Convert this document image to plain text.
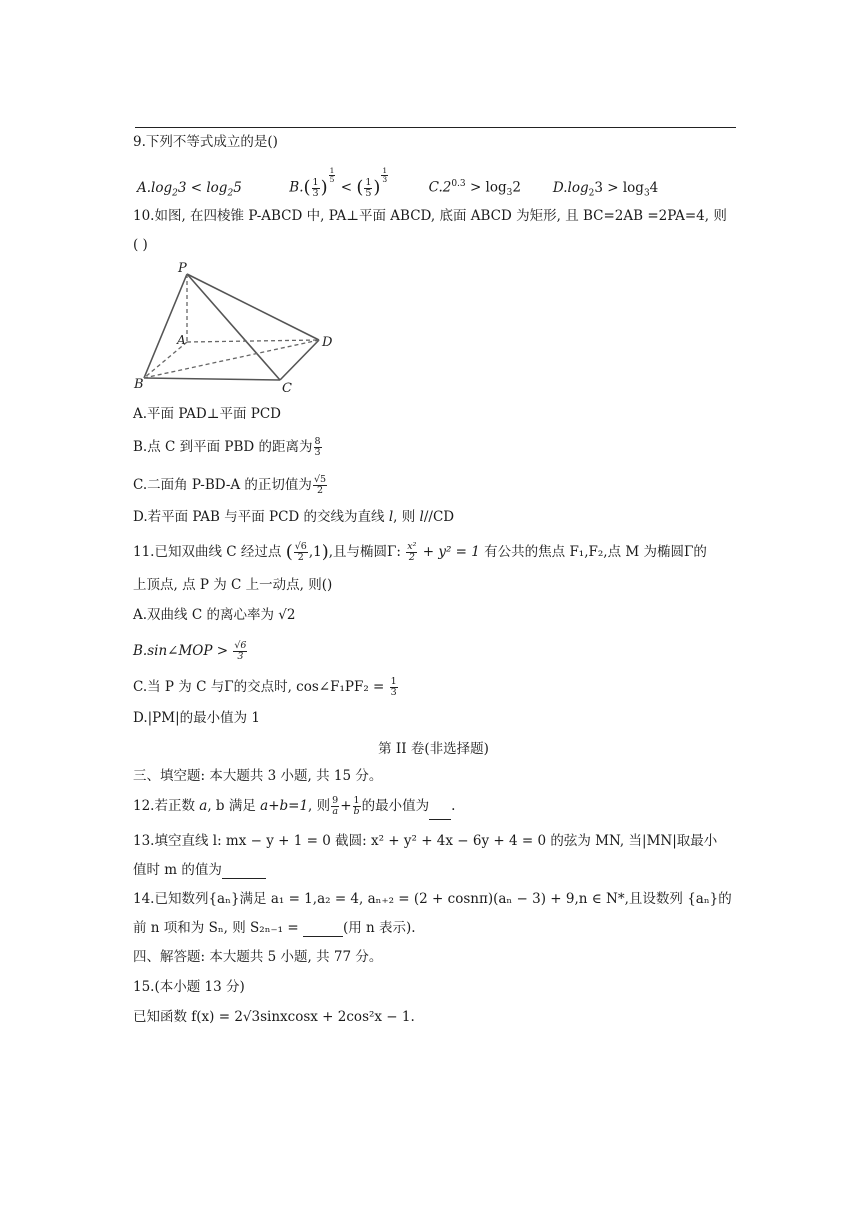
9.下列不等式成立的是()
$A.\log_23 < \log_25$	$B.( \frac{1}{3}$ )
$^{\frac{1}{5}}$
< ( $\frac{1}{5}$ )
$^{\frac{1}{3}}$
$C.2^{0.3} > \log_32$ $D.\log_23 > \log_34$
10.如图, 在四棱锥 P-ABCD 中, PA⊥平面 ABCD, 底面 ABCD 为矩形, 且 BC=2AB =2PA=4, 则
( )
P
A
B	C
D
A.平面 PAD⊥平面 PCD
B.点 C 到平面 PBD 的距离为 $\frac{8}{3}$
C.二面角 P-BD-A 的正切值为 $\frac{√5}{2}$
D.若平面 PAB 与平面 PCD 的交线为直线 l, 则 l//CD
11.已知双曲线 C 经过点 ( $\frac{√6}{2} ,1$),且与椭圆Γ: $\frac{\text{x²}}{2} + y^2 = 1$ 有公共的焦点 F₁,F₂,点 M 为椭圆Γ的
上顶点, 点 P 为 C 上一动点, 则()
A.双曲线 C 的离心率为 √2
B.sin∠MOP > $\frac{√6}{3}$
C.当 P 为 C 与Γ的交点时, cos∠F₁PF₂ = $\frac{1}{3}$
D.|PM|的最小值为 1
第 II 卷(非选择题)
三、填空题: 本大题共 3 小题, 共 15 分。
12.若正数 a, b 满足 a+b=1, 则 $\frac{9}{a} + \frac{1}{b}$ 的最小值为 .
13.填空直线 l: mx − y + 1 = 0 截圆: x² + y² + 4x − 6y + 4 = 0 的弦为 MN, 当|MN|取最小
值时 m 的值为
14.已知数列{aₙ}满足 a₁ = 1,a₂ = 4, aₙ₊₂ = (2 + cosnπ)(aₙ − 3) + 9,n ∈ N*,且设数列 {aₙ}的
前 n 项和为 Sₙ, 则 S₂ₙ₋₁ =	(用 n 表示).
四、解答题: 本大题共 5 小题, 共 77 分。
15.(本小题 13 分)
已知函数 f(x) = 2√3sinxcosx + 2cos²x − 1.
